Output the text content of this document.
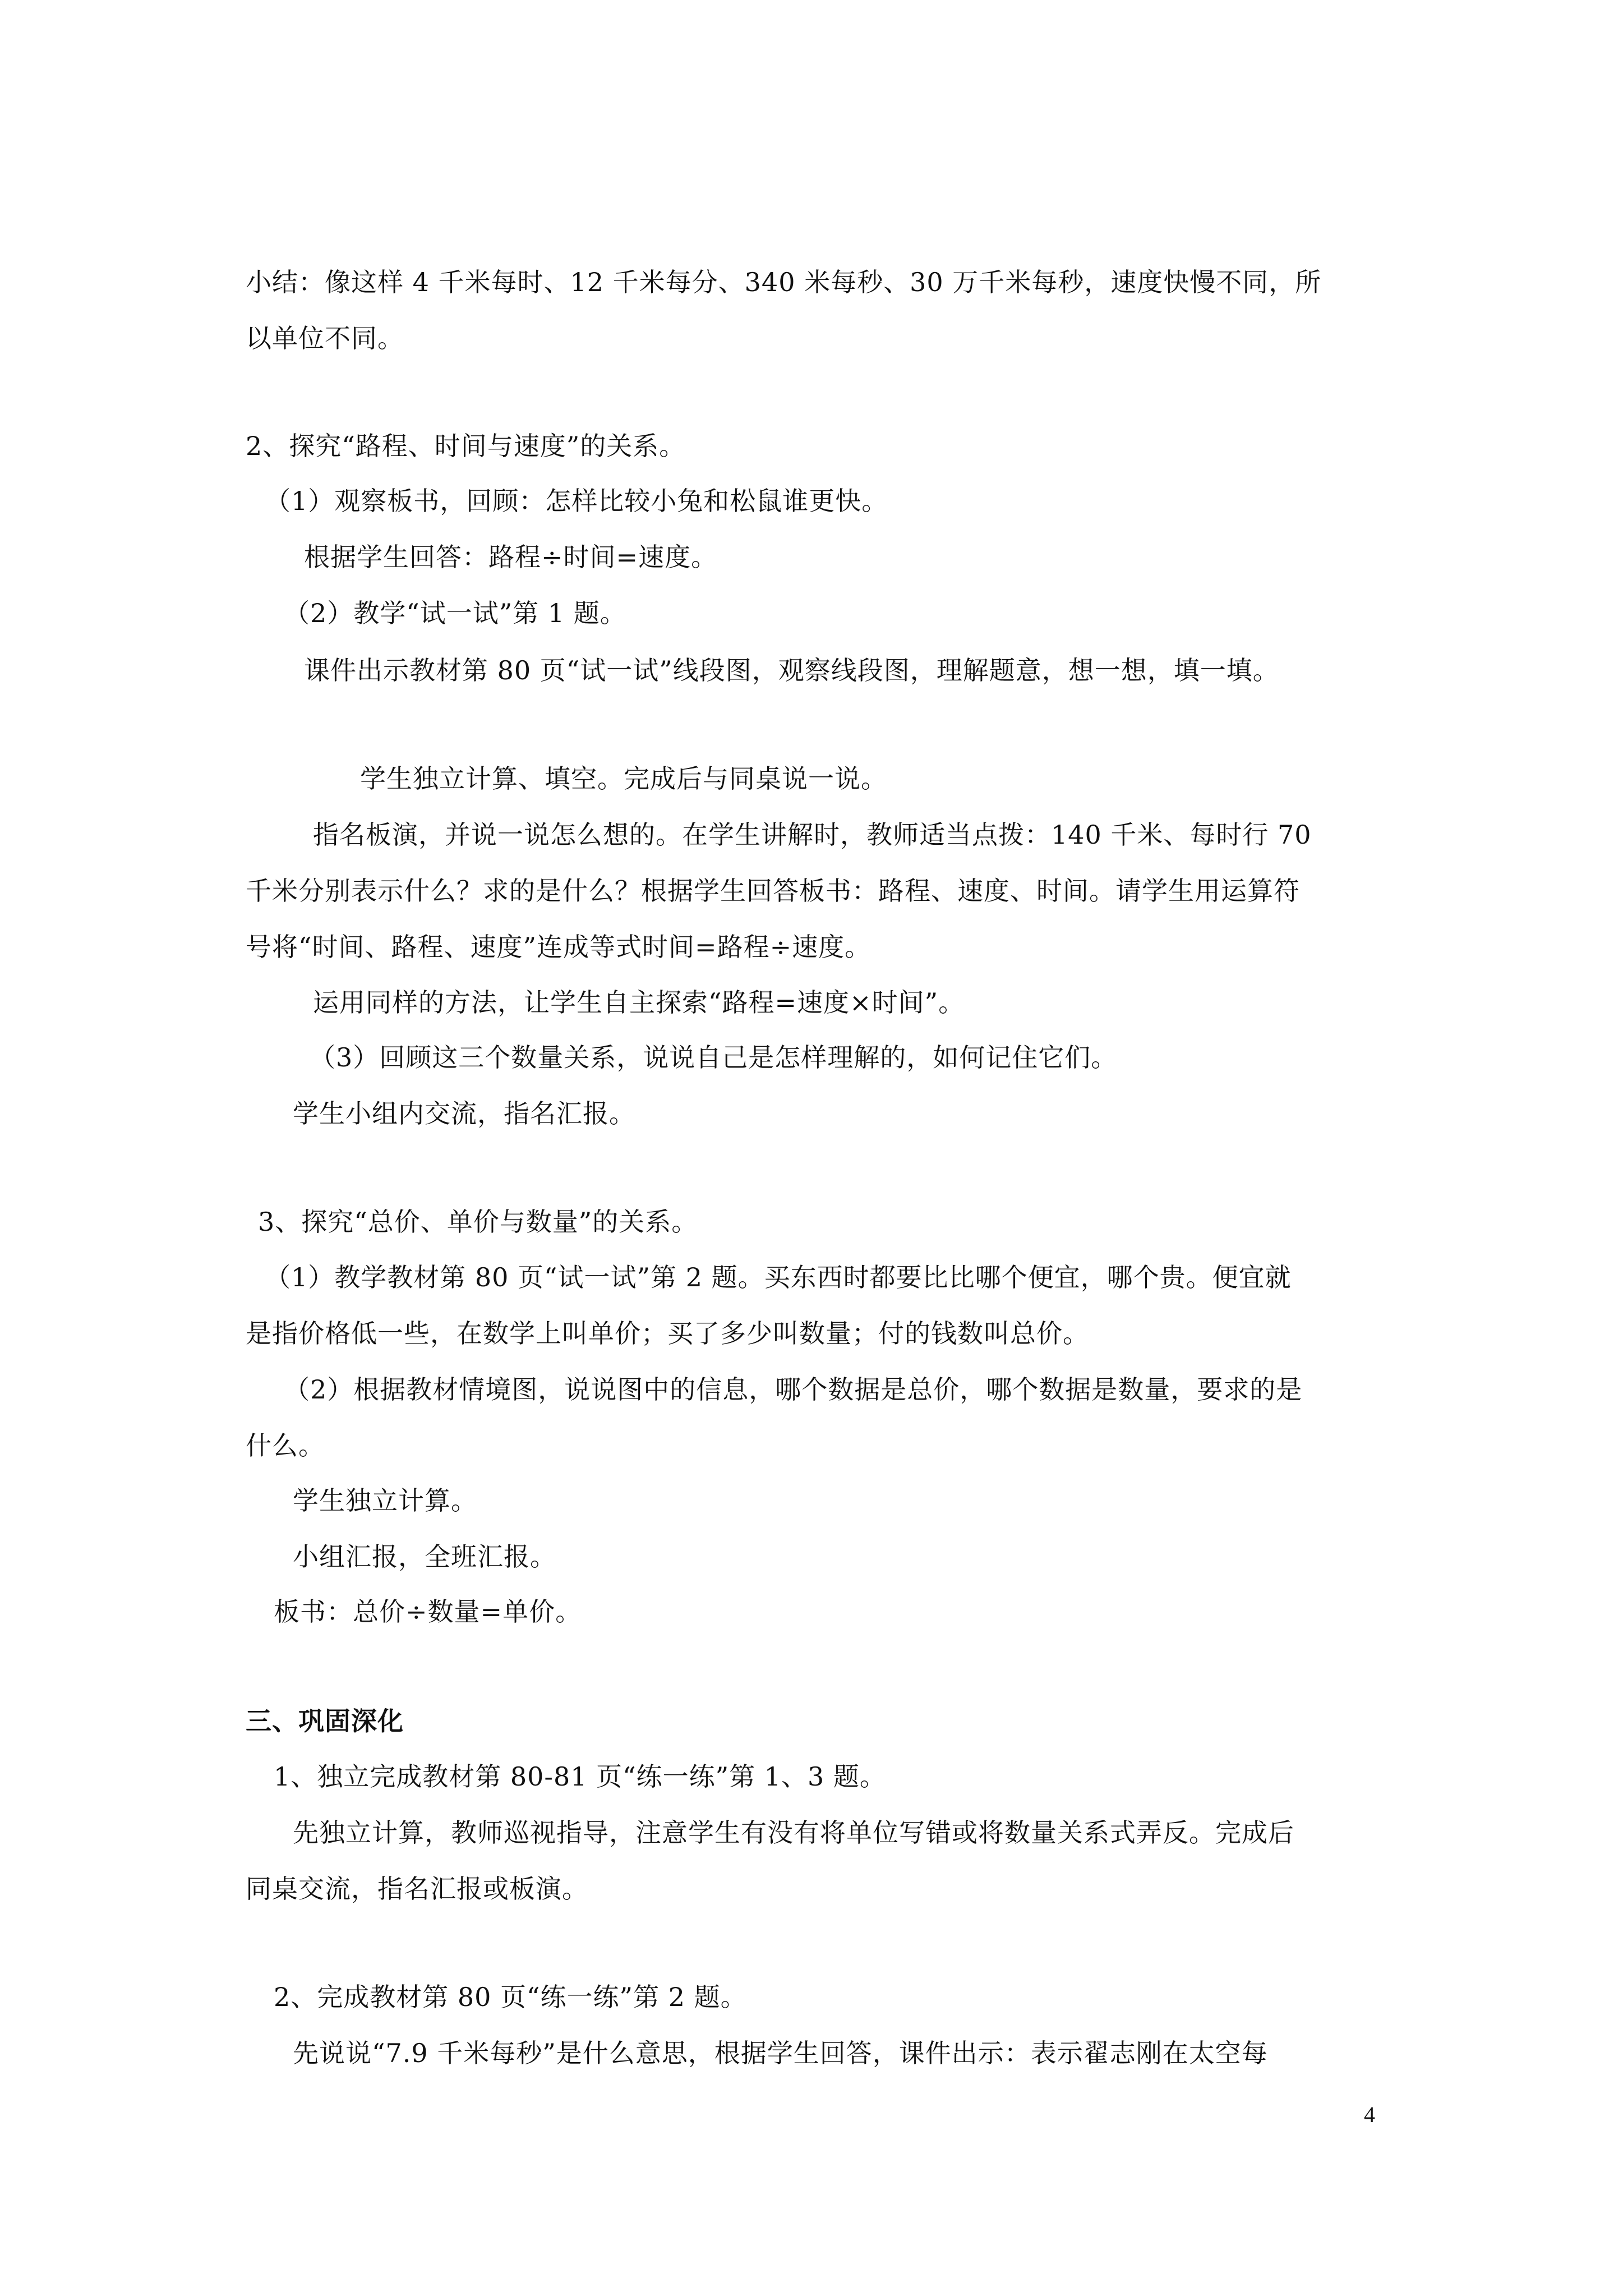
小结：像这样 4 千米每时、12 千米每分、340 米每秒、30 万千米每秒，速度快慢不同，所
以单位不同。
2、探究“路程、时间与速度”的关系。
（1）观察板书，回顾：怎样比较小兔和松鼠谁更快。
根据学生回答：路程÷时间=速度。
（2）教学“试一试”第 1 题。
课件出示教材第 80 页“试一试”线段图，观察线段图，理解题意，想一想，填一填。
学生独立计算、填空。完成后与同桌说一说。
指名板演，并说一说怎么想的。在学生讲解时，教师适当点拨：140 千米、每时行 70
千米分别表示什么？求的是什么？根据学生回答板书：路程、速度、时间。请学生用运算符
号将“时间、路程、速度”连成等式时间=路程÷速度。
运用同样的方法，让学生自主探索“路程=速度×时间”。
（3）回顾这三个数量关系，说说自己是怎样理解的，如何记住它们。
学生小组内交流，指名汇报。
3、探究“总价、单价与数量”的关系。
（1）教学教材第 80 页“试一试”第 2 题。买东西时都要比比哪个便宜，哪个贵。便宜就
是指价格低一些，在数学上叫单价；买了多少叫数量；付的钱数叫总价。
（2）根据教材情境图，说说图中的信息，哪个数据是总价，哪个数据是数量，要求的是
什么。
学生独立计算。
小组汇报，全班汇报。
板书：总价÷数量=单价。
三、巩固深化
1、独立完成教材第 80-81 页“练一练”第 1、3 题。
先独立计算，教师巡视指导，注意学生有没有将单位写错或将数量关系式弄反。完成后
同桌交流，指名汇报或板演。
2、完成教材第 80 页“练一练”第 2 题。
先说说“7.9 千米每秒”是什么意思，根据学生回答，课件出示：表示翟志刚在太空每
4
